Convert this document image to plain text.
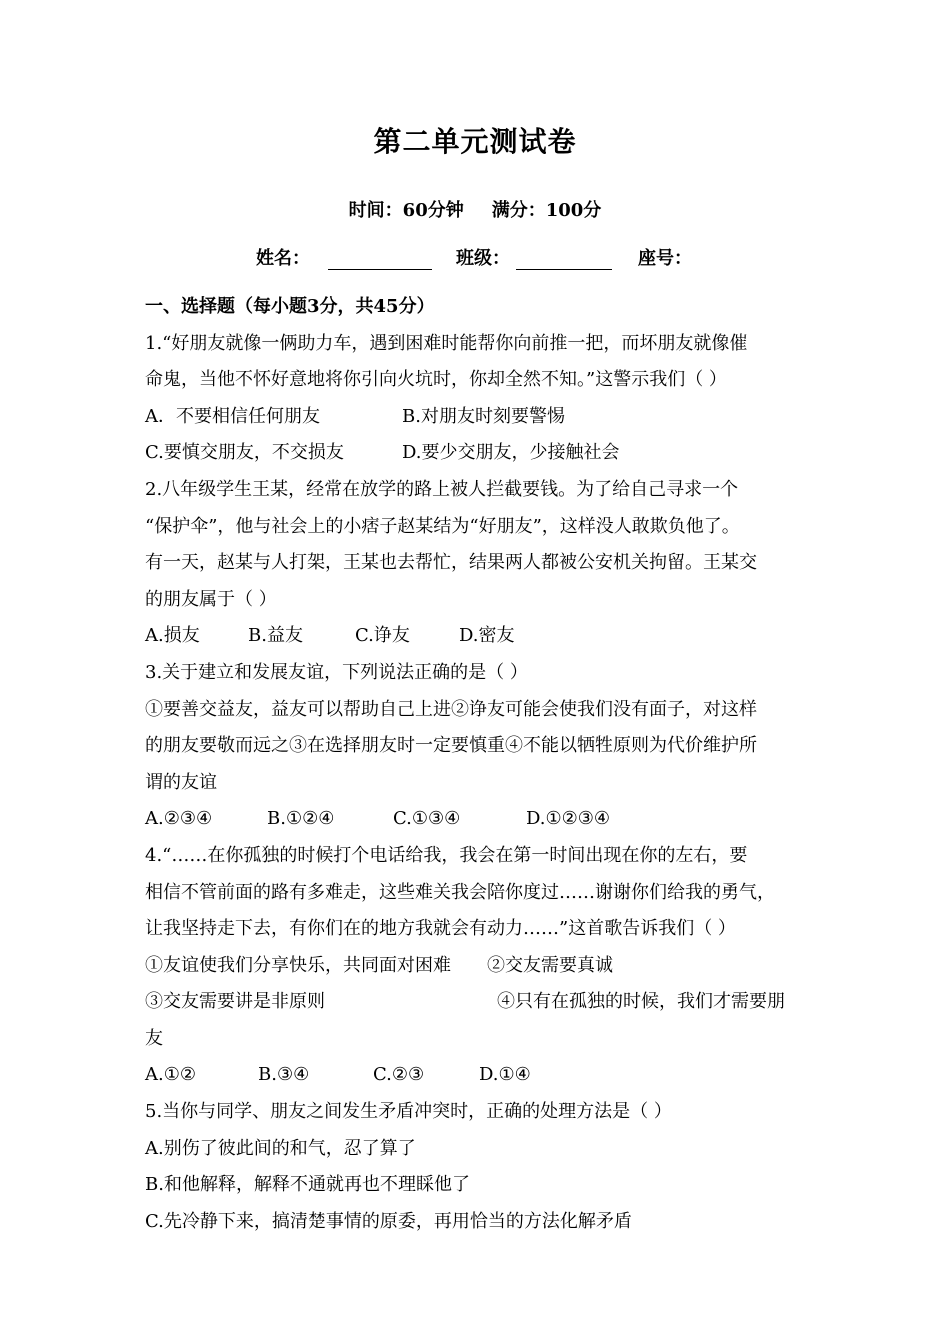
第二单元测试卷
时间：60分钟 满分：100分
姓名：	班级：	座号：
一、选择题（每小题3分，共45分）
1.“好朋友就像一俩助力车，遇到困难时能帮你向前推一把，而坏朋友就像催
命鬼，当他不怀好意地将你引向火坑时，你却全然不知。”这警示我们（ ）
A．不要相信任何朋友	B.对朋友时刻要警惕
C.要慎交朋友，不交损友	D.要少交朋友，少接触社会
2.八年级学生王某，经常在放学的路上被人拦截要钱。为了给自己寻求一个
“保护伞”，他与社会上的小痞子赵某结为“好朋友”，这样没人敢欺负他了。
有一天，赵某与人打架，王某也去帮忙，结果两人都被公安机关拘留。王某交
的朋友属于（ ）
A.损友	B.益友	C.诤友	D.密友
3.关于建立和发展友谊，下列说法正确的是（ ）
①要善交益友，益友可以帮助自己上进②诤友可能会使我们没有面子，对这样
的朋友要敬而远之③在选择朋友时一定要慎重④不能以牺牲原则为代价维护所
谓的友谊
A.②③④	B.①②④	C.①③④	D.①②③④
4.“……在你孤独的时候打个电话给我，我会在第一时间出现在你的左右，要
相信不管前面的路有多难走，这些难关我会陪你度过……谢谢你们给我的勇气，
让我坚持走下去，有你们在的地方我就会有动力……”这首歌告诉我们（ ）
①友谊使我们分享快乐，共同面对困难 ②交友需要真诚
③交友需要讲是非原则	④只有在孤独的时候，我们才需要朋
友
A.①②	B.③④	C.②③	D.①④
5.当你与同学、朋友之间发生矛盾冲突时，正确的处理方法是（ ）
A.别伤了彼此间的和气，忍了算了
B.和他解释，解释不通就再也不理睬他了
C.先冷静下来，搞清楚事情的原委，再用恰当的方法化解矛盾
